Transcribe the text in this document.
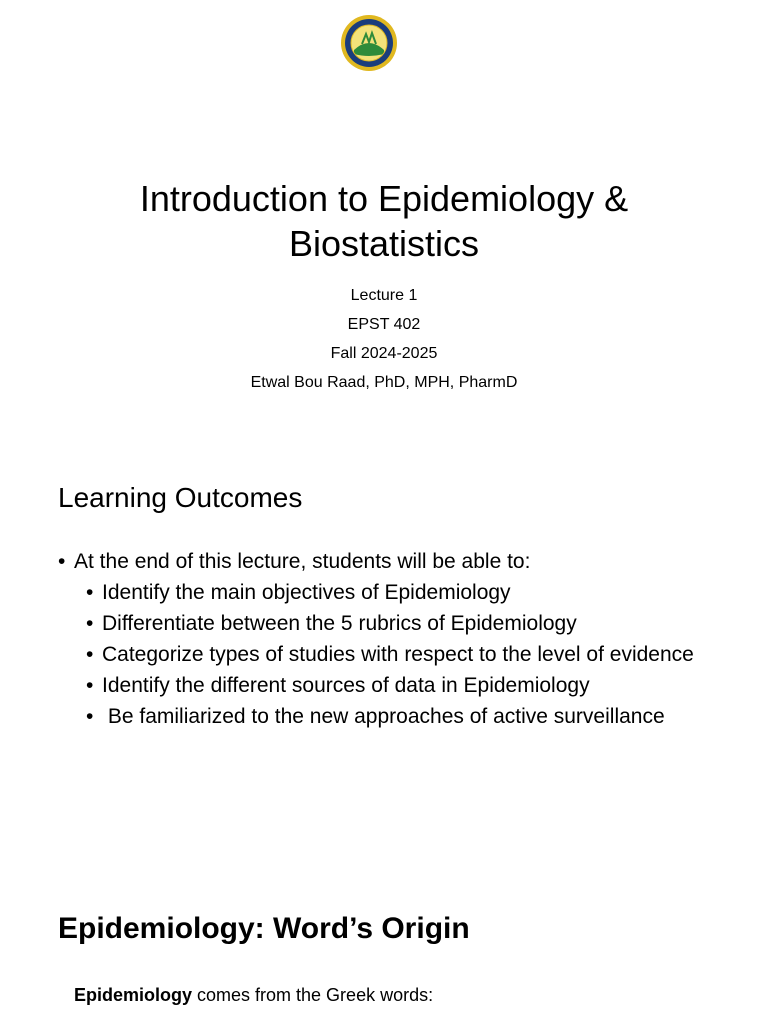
Introduction to Epidemiology &
Biostatistics
Lecture 1
EPST 402
Fall 2024-2025
Etwal Bou Raad, PhD, MPH, PharmD
Learning Outcomes
• At the end of this lecture, students will be able to:
• Identify the main objectives of Epidemiology
• Differentiate between the 5 rubrics of Epidemiology
• Categorize types of studies with respect to the level of evidence
• Identify the different sources of data in Epidemiology
•  Be familiarized to the new approaches of active surveillance
Epidemiology: Word’s Origin
Epidemiology comes from the Greek words:
